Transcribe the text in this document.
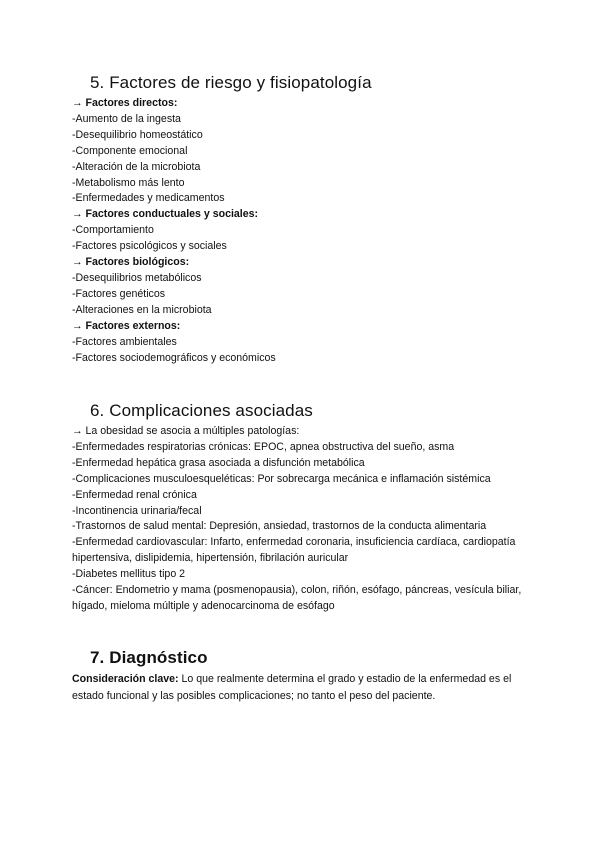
5. Factores de riesgo y fisiopatología
→ Factores directos:
-Aumento de la ingesta
-Desequilibrio homeostático
-Componente emocional
-Alteración de la microbiota
-Metabolismo más lento
-Enfermedades y medicamentos
→ Factores conductuales y sociales:
-Comportamiento
-Factores psicológicos y sociales
→ Factores biológicos:
-Desequilibrios metabólicos
-Factores genéticos
-Alteraciones en la microbiota
→ Factores externos:
-Factores ambientales
-Factores sociodemográficos y económicos
6. Complicaciones asociadas
→ La obesidad se asocia a múltiples patologías:
-Enfermedades respiratorias crónicas: EPOC, apnea obstructiva del sueño, asma
-Enfermedad hepática grasa asociada a disfunción metabólica
-Complicaciones musculoesqueléticas: Por sobrecarga mecánica e inflamación sistémica
-Enfermedad renal crónica
-Incontinencia urinaria/fecal
-Trastornos de salud mental: Depresión, ansiedad, trastornos de la conducta alimentaria
-Enfermedad cardiovascular: Infarto, enfermedad coronaria, insuficiencia cardíaca, cardiopatía hipertensiva, dislipidemia, hipertensión, fibrilación auricular
-Diabetes mellitus tipo 2
-Cáncer: Endometrio y mama (posmenopausia), colon, riñón, esófago, páncreas, vesícula biliar, hígado, mieloma múltiple y adenocarcinoma de esófago
7. Diagnóstico

Consideración clave: Lo que realmente determina el grado y estadio de la enfermedad es el estado funcional y las posibles complicaciones; no tanto el peso del paciente.
